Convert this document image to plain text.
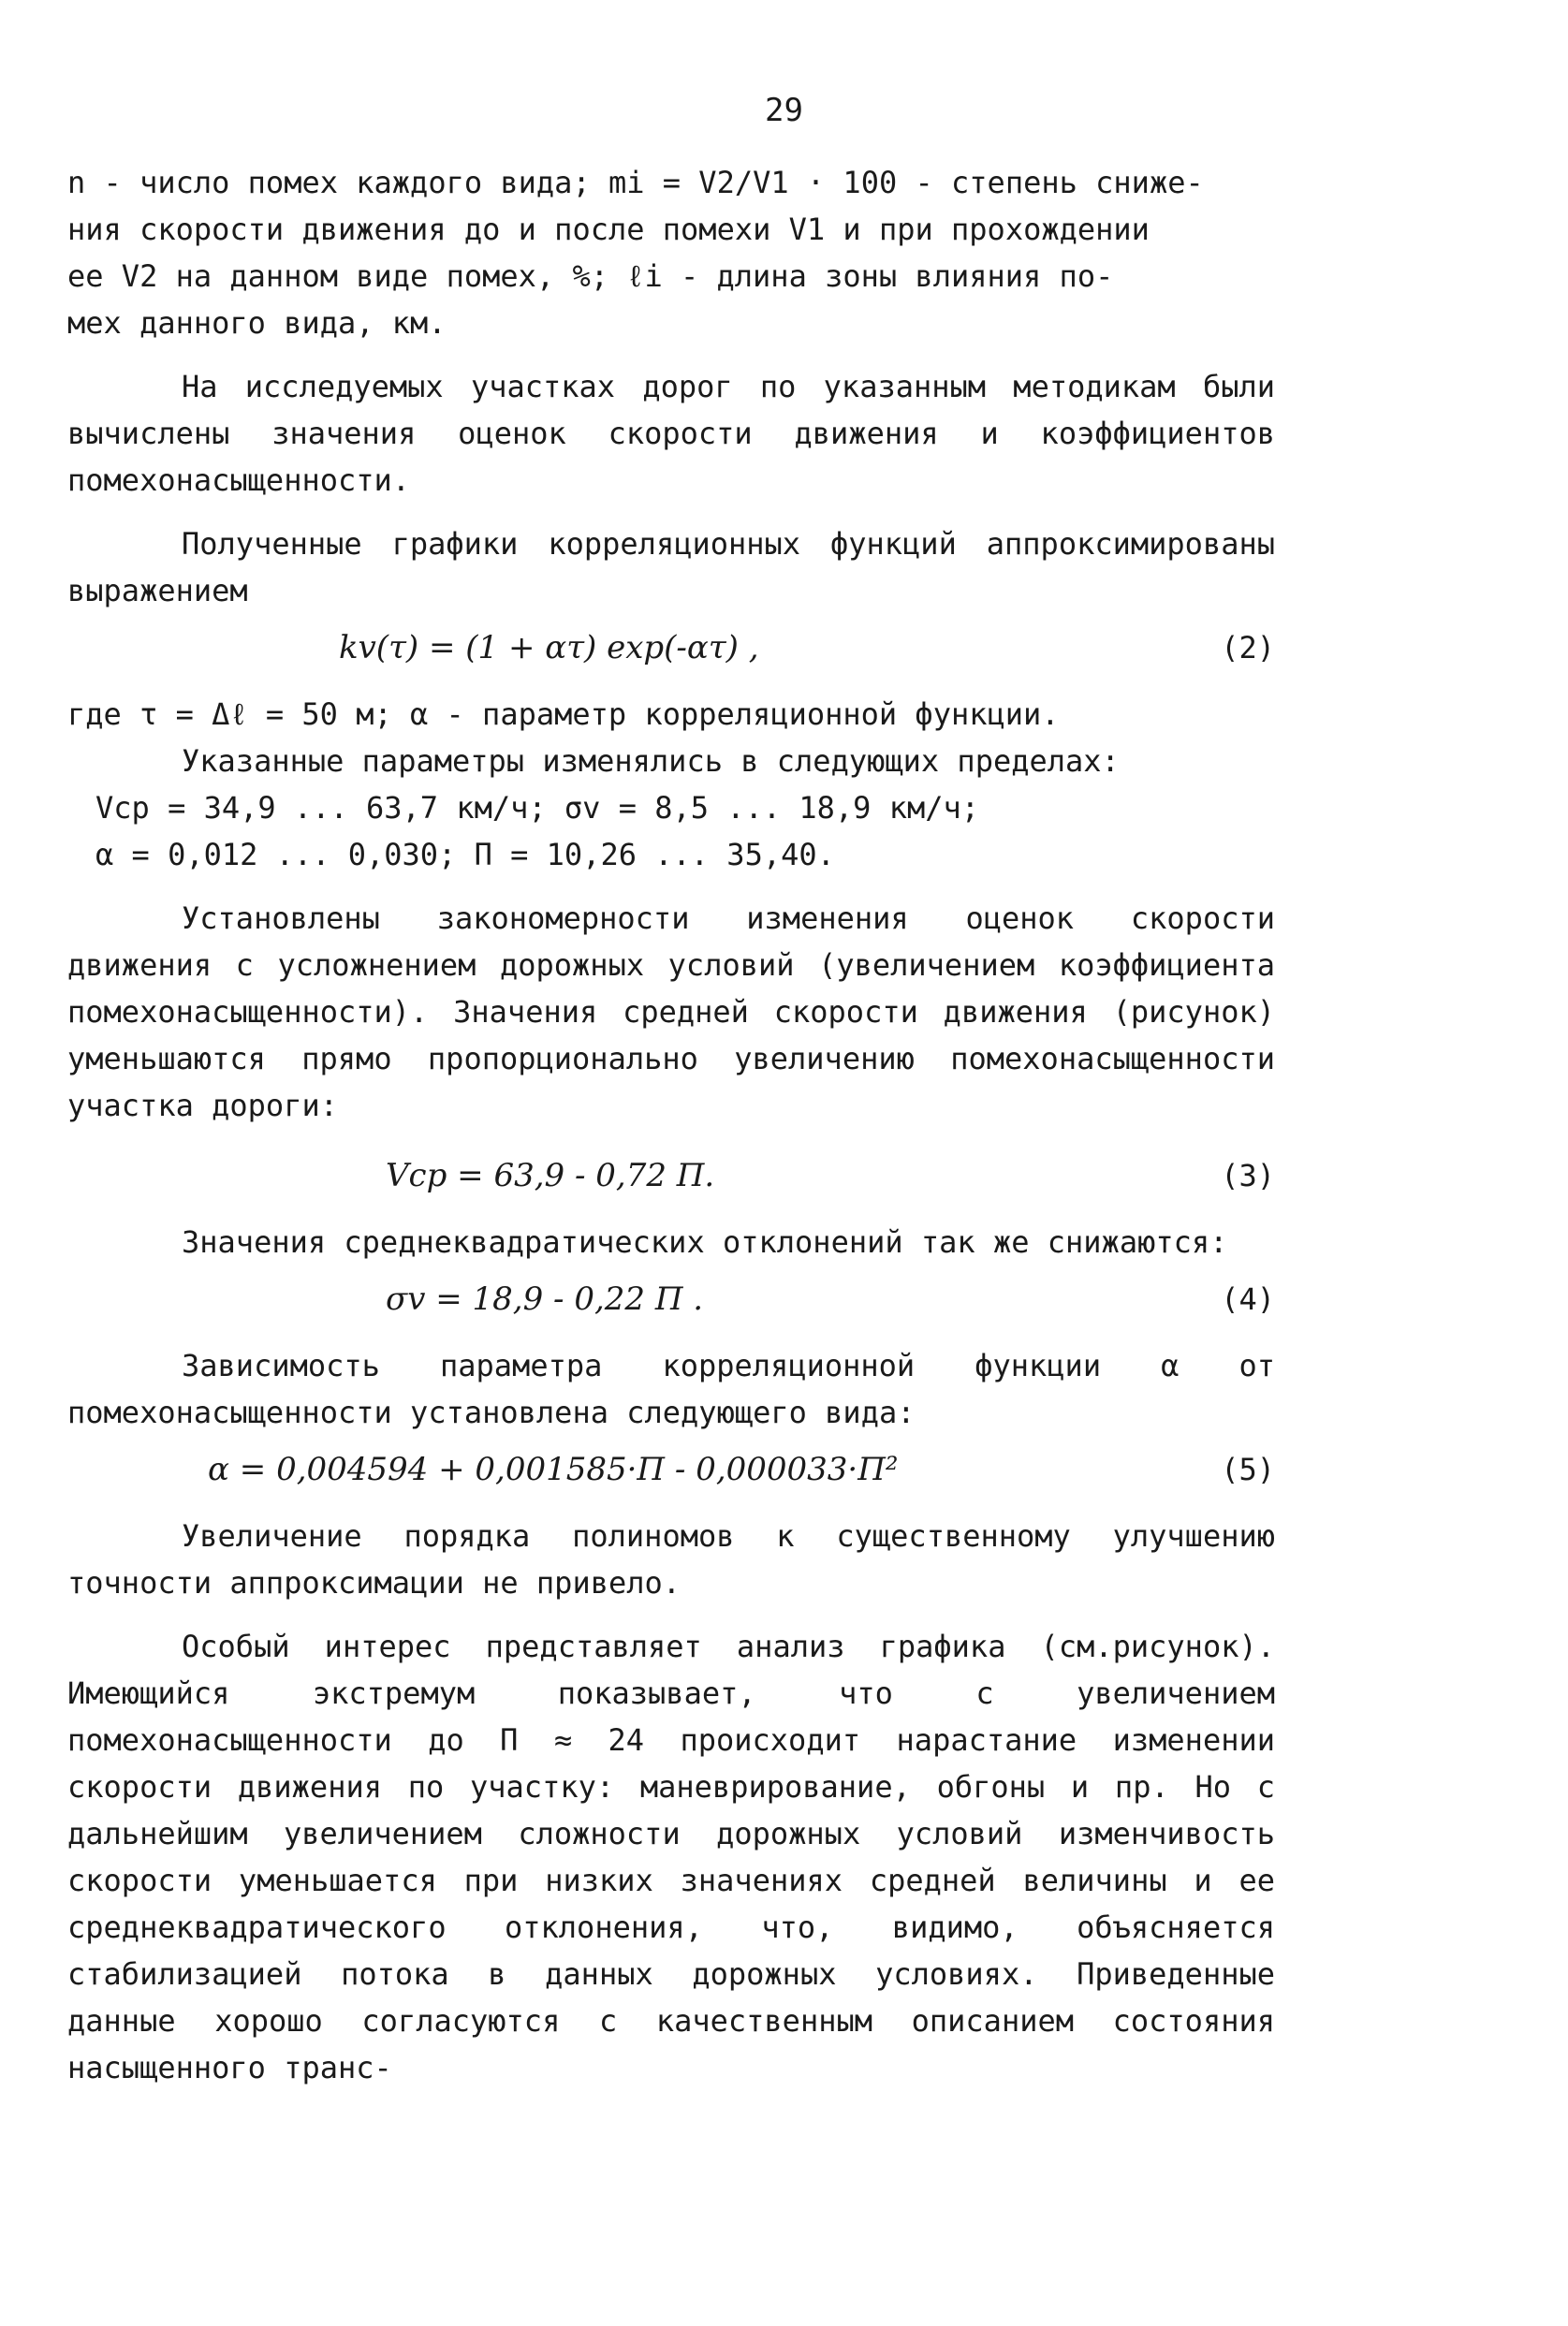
29
n - число помех каждого вида; mi = V2/V1 · 100 - степень сниже-
ния скорости движения до и после помехи V1 и при прохождении
ее V2 на данном виде помех, %; ℓi - длина зоны влияния по-
мех данного вида, км.

На исследуемых участках дорог по указанным методикам были вычислены значения оценок скорости движения и коэффициентов помехонасыщенности.

Полученные графики корреляционных функций аппроксимированы выражением

kv(τ) = (1 + ατ) exp(-ατ) ,	(2)
где τ = Δℓ = 50 м; α - параметр корреляционной функции.
Указанные параметры изменялись в следующих пределах:
Vср = 34,9 ... 63,7 км/ч; σv = 8,5 ... 18,9 км/ч;
α = 0,012 ... 0,030; П = 10,26 ... 35,40.

Установлены закономерности изменения оценок скорости движения с усложнением дорожных условий (увеличением коэффициента помехонасыщенности). Значения средней скорости движения (рисунок) уменьшаются прямо пропорционально увеличению помехонасыщенности участка дороги:

Vср = 63,9 - 0,72 П.	(3)

Значения среднеквадратических отклонений так же снижаются:

σv = 18,9 - 0,22 П .	(4)

Зависимость параметра корреляционной функции α от помехонасыщенности установлена следующего вида:

α = 0,004594 + 0,001585·П - 0,000033·П²	(5)

Увеличение порядка полиномов к существенному улучшению точности аппроксимации не привело.

Особый интерес представляет анализ графика (см.рисунок). Имеющийся экстремум показывает, что с увеличением помехонасыщенности до П ≈ 24 происходит нарастание изменении скорости движения по участку: маневрирование, обгоны и пр. Но с дальнейшим увеличением сложности дорожных условий изменчивость скорости уменьшается при низких значениях средней величины и ее среднеквадратического отклонения, что, видимо, объясняется стабилизацией потока в данных дорожных условиях. Приведенные данные хорошо согласуются с качественным описанием состояния насыщенного транс-
